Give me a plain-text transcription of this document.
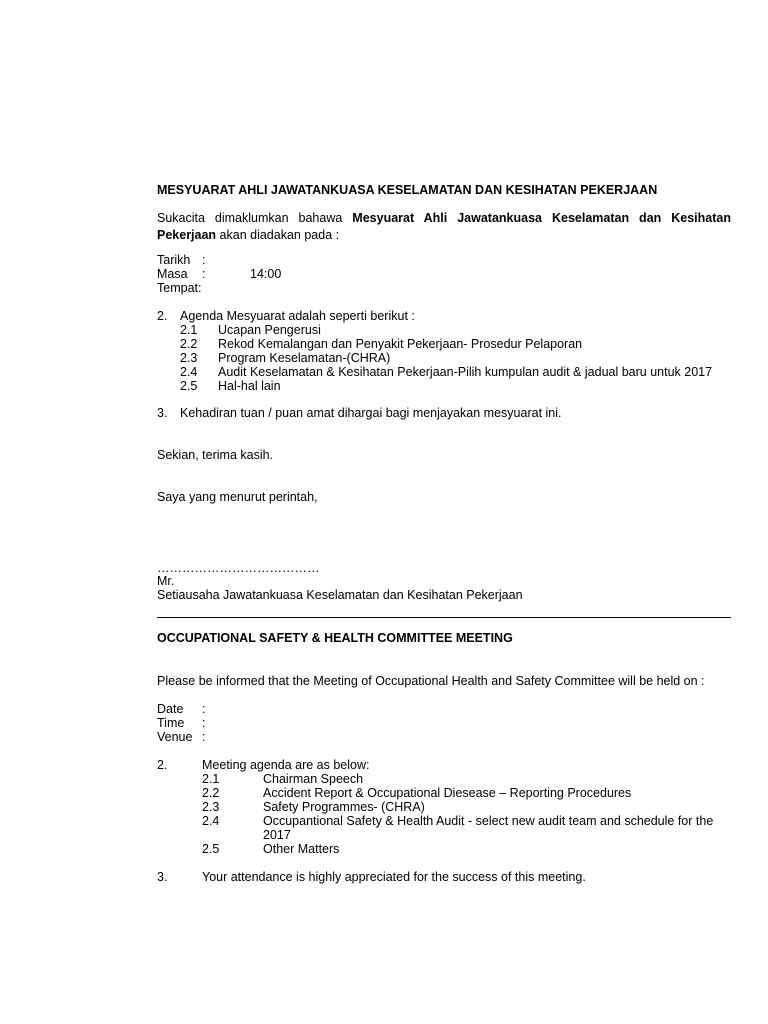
MESYUARAT AHLI JAWATANKUASA KESELAMATAN DAN KESIHATAN PEKERJAAN
Sukacita dimaklumkan bahawa Mesyuarat Ahli Jawatankuasa Keselamatan dan Kesihatan Pekerjaan akan diadakan pada :
Tarikh :
Masa :	14:00
Tempat:
2. Agenda Mesyuarat adalah seperti berikut :
2.1 Ucapan Pengerusi
2.2 Rekod Kemalangan dan Penyakit Pekerjaan- Prosedur Pelaporan
2.3 Program Keselamatan-(CHRA)
2.4 Audit Keselamatan & Kesihatan Pekerjaan-Pilih kumpulan audit & jadual baru untuk 2017
2.5 Hal-hal lain
3. Kehadiran tuan / puan amat dihargai bagi menjayakan mesyuarat ini.
Sekian, terima kasih.
Saya yang menurut perintah,
…………………………………
Mr.
Setiausaha Jawatankuasa Keselamatan dan Kesihatan Pekerjaan
OCCUPATIONAL SAFETY & HEALTH COMMITTEE MEETING
Please be informed that the Meeting of Occupational Health and Safety Committee will be held on :
Date :
Time :
Venue :
2.	Meeting agenda are as below:
2.1	Chairman Speech
2.2	Accident Report & Occupational Diesease – Reporting Procedures
2.3	Safety Programmes- (CHRA)
2.4	Occupantional Safety & Health Audit - select new audit team and schedule for the
2017
2.5	Other Matters
3.	Your attendance is highly appreciated for the success of this meeting.
